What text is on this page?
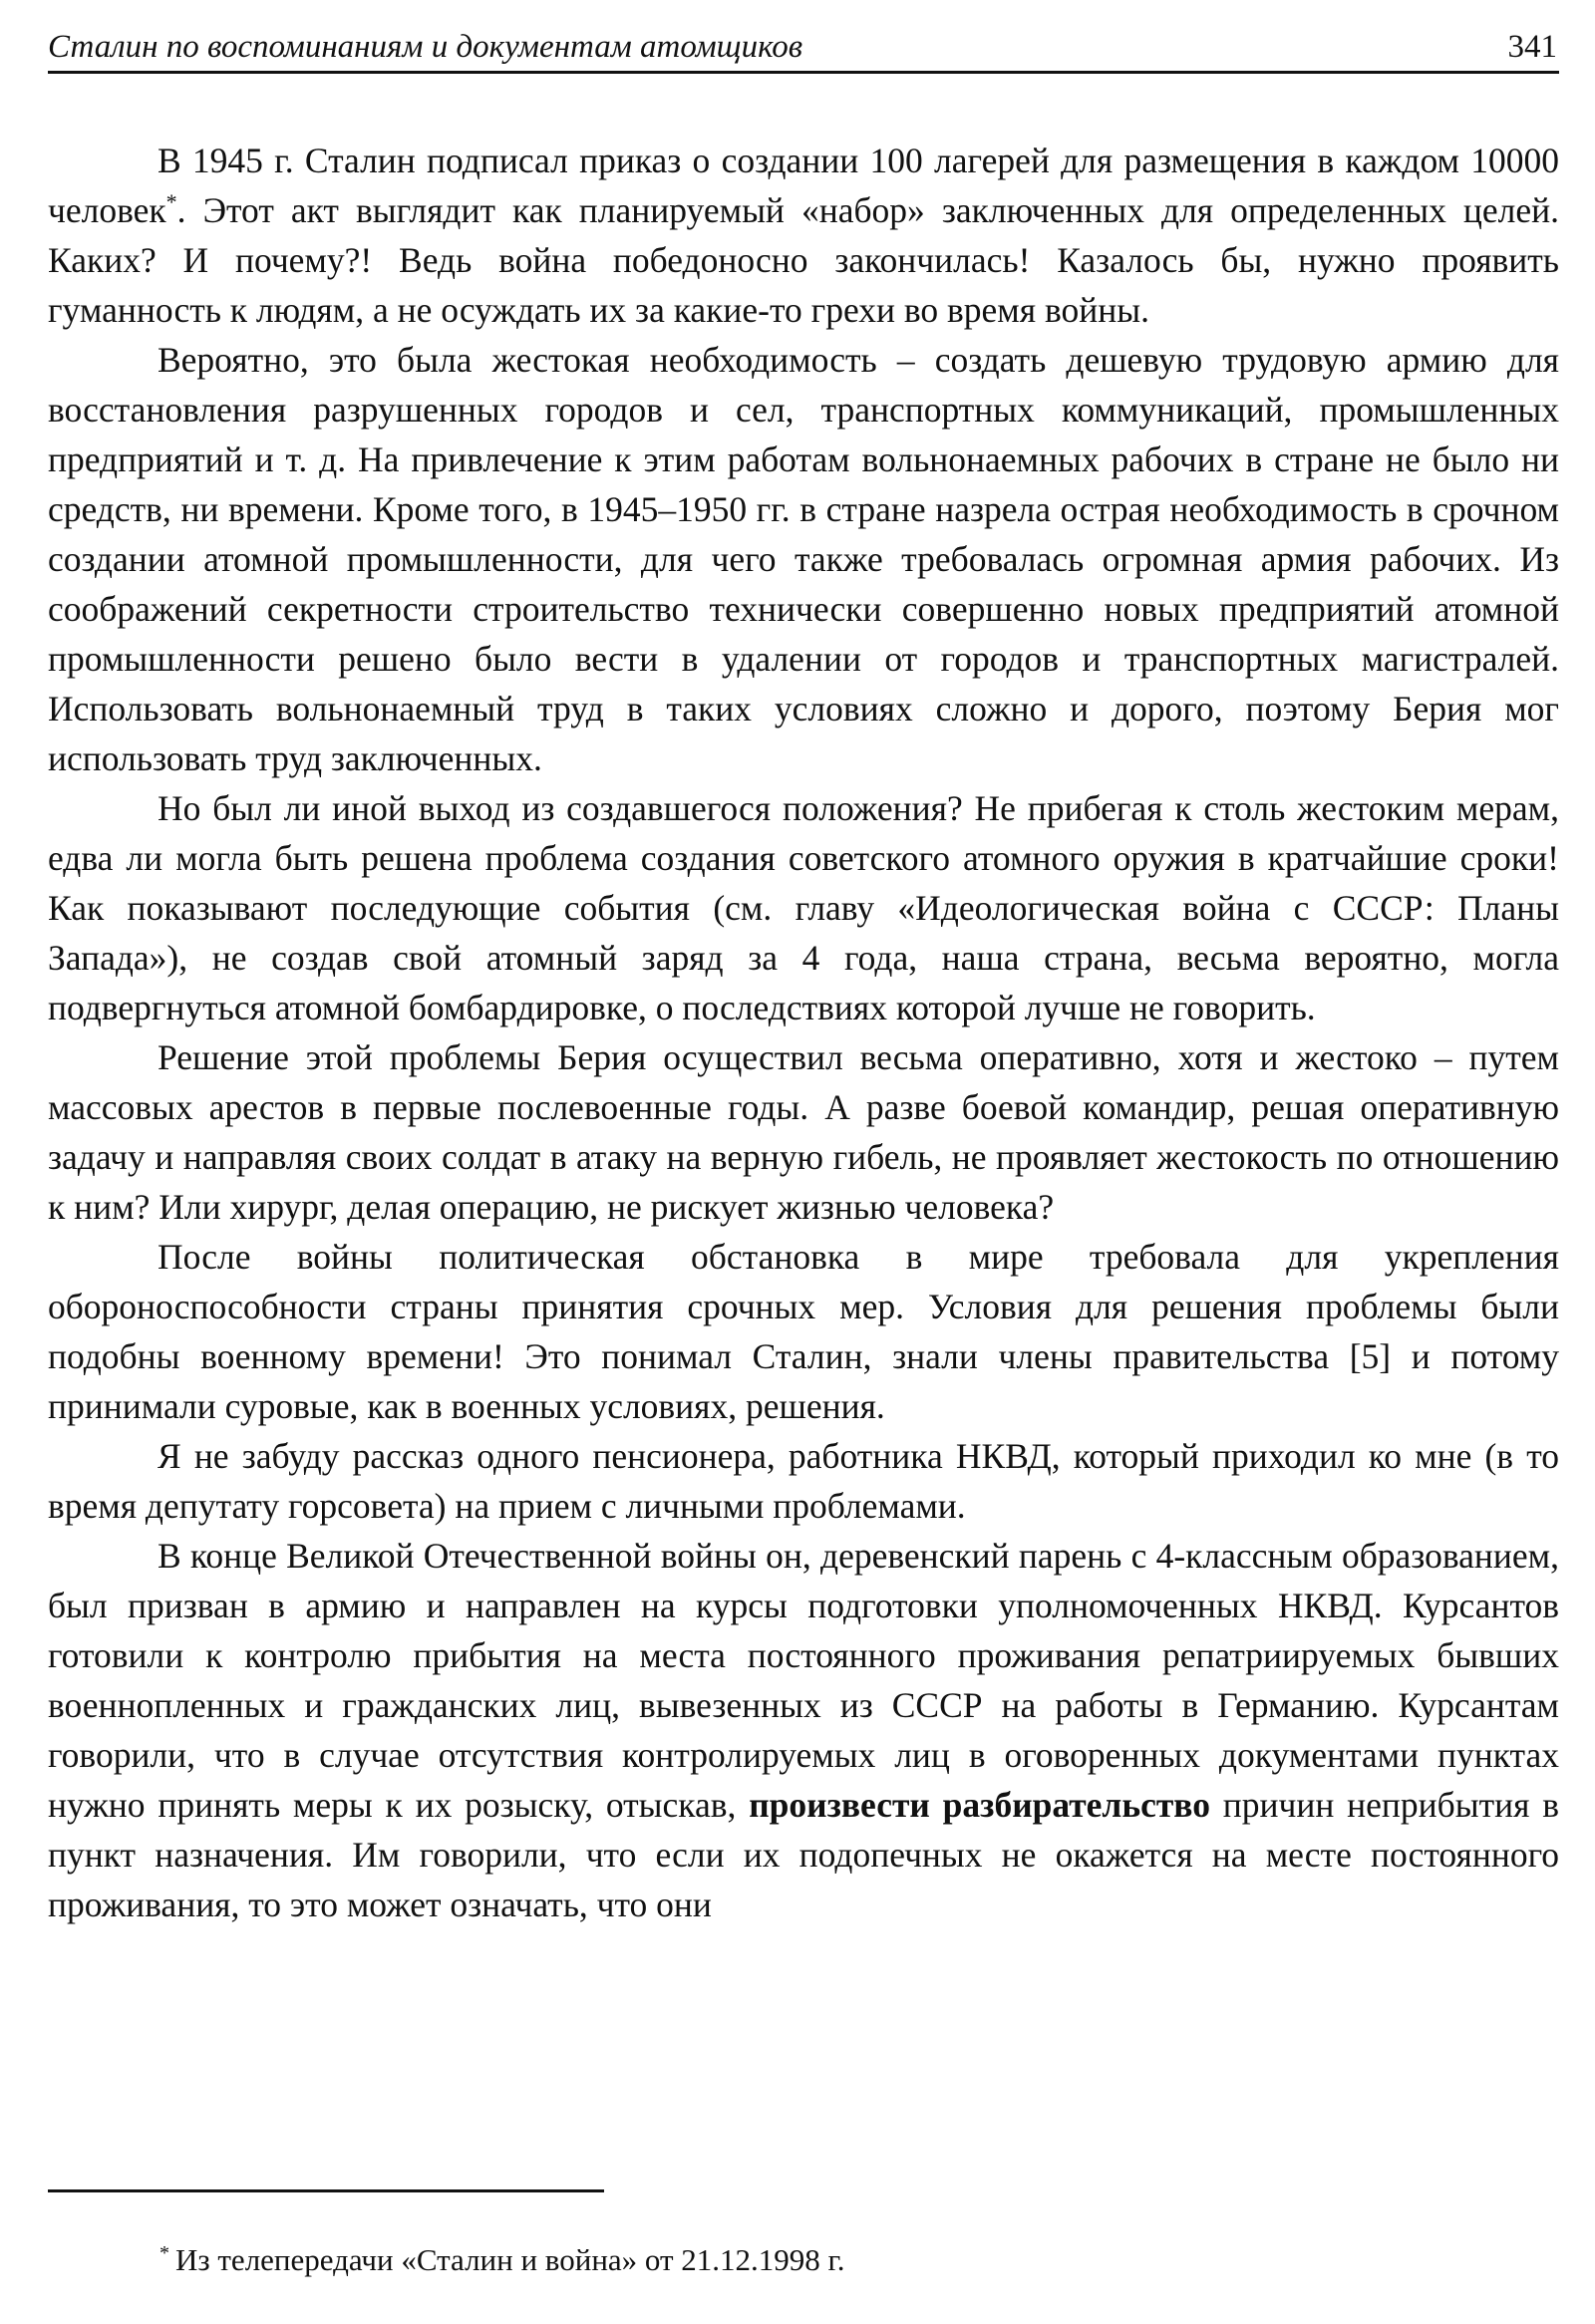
Сталин по воспоминаниям и документам атомщиков	341

В 1945 г. Сталин подписал приказ о создании 100 лагерей для размещения в каждом 10000 человек*. Этот акт выглядит как планируемый «набор» заключенных для определенных целей. Каких? И почему?! Ведь война победоносно закончилась! Казалось бы, нужно проявить гуманность к людям, а не осуждать их за какие-то грехи во время войны.

Вероятно, это была жестокая необходимость – создать дешевую трудовую армию для восстановления разрушенных городов и сел, транспортных коммуникаций, промышленных предприятий и т. д. На привлечение к этим работам вольнонаемных рабочих в стране не было ни средств, ни времени. Кроме того, в 1945–1950 гг. в стране назрела острая необходимость в срочном создании атомной промышленности, для чего также требовалась огромная армия рабочих. Из соображений секретности строительство технически совершенно новых предприятий атомной промышленности решено было вести в удалении от городов и транспортных магистралей. Использовать вольнонаемный труд в таких условиях сложно и дорого, поэтому Берия мог использовать труд заключенных.

Но был ли иной выход из создавшегося положения? Не прибегая к столь жестоким мерам, едва ли могла быть решена проблема создания советского атомного оружия в кратчайшие сроки! Как показывают последующие события (см. главу «Идеологическая война с СССР: Планы Запада»), не создав свой атомный заряд за 4 года, наша страна, весьма вероятно, могла подвергнуться атомной бомбардировке, о последствиях которой лучше не говорить.

Решение этой проблемы Берия осуществил весьма оперативно, хотя и жестоко – путем массовых арестов в первые послевоенные годы. А разве боевой командир, решая оперативную задачу и направляя своих солдат в атаку на верную гибель, не проявляет жестокость по отношению к ним? Или хирург, делая операцию, не рискует жизнью человека?

После войны политическая обстановка в мире требовала для укрепления обороноспособности страны принятия срочных мер. Условия для решения проблемы были подобны военному времени! Это понимал Сталин, знали члены правительства [5] и потому принимали суровые, как в военных условиях, решения.

Я не забуду рассказ одного пенсионера, работника НКВД, который приходил ко мне (в то время депутату горсовета) на прием с личными проблемами.

В конце Великой Отечественной войны он, деревенский парень с 4-классным образованием, был призван в армию и направлен на курсы подготовки уполномоченных НКВД. Курсантов готовили к контролю прибытия на места постоянного проживания репатриируемых бывших военнопленных и гражданских лиц, вывезенных из СССР на работы в Германию. Курсантам говорили, что в случае отсутствия контролируемых лиц в оговоренных документами пунктах нужно принять меры к их розыску, отыскав, произвести разбирательство причин неприбытия в пункт назначения. Им говорили, что если их подопечных не окажется на месте постоянного проживания, то это может означать, что они

* Из телепередачи «Сталин и война» от 21.12.1998 г.
